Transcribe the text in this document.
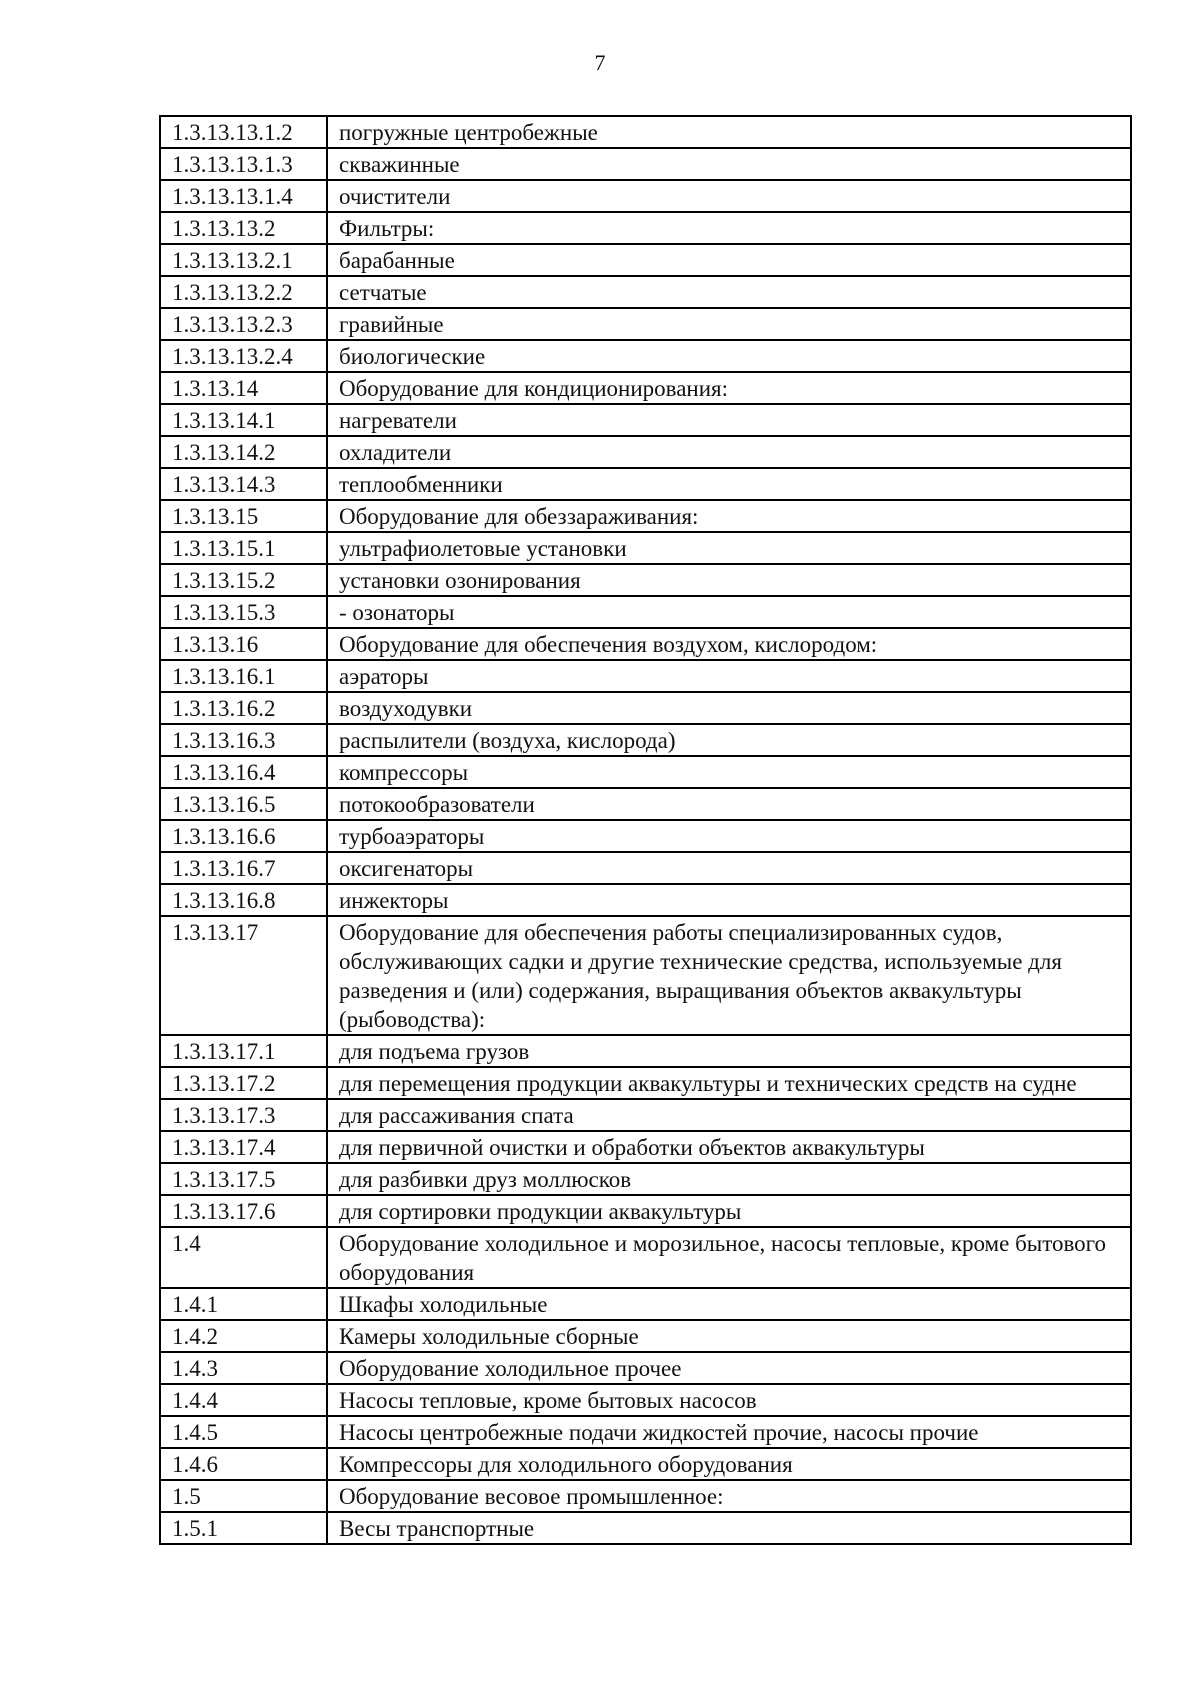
7
1.3.13.13.1.2	погружные центробежные
1.3.13.13.1.3	скважинные
1.3.13.13.1.4	очистители
1.3.13.13.2	Фильтры:
1.3.13.13.2.1	барабанные
1.3.13.13.2.2	сетчатые
1.3.13.13.2.3	гравийные
1.3.13.13.2.4	биологические
1.3.13.14	Оборудование для кондиционирования:
1.3.13.14.1	нагреватели
1.3.13.14.2	охладители
1.3.13.14.3	теплообменники
1.3.13.15	Оборудование для обеззараживания:
1.3.13.15.1	ультрафиолетовые установки
1.3.13.15.2	установки озонирования
1.3.13.15.3	- озонаторы
1.3.13.16	Оборудование для обеспечения воздухом, кислородом:
1.3.13.16.1	аэраторы
1.3.13.16.2	воздуходувки
1.3.13.16.3	распылители (воздуха, кислорода)
1.3.13.16.4	компрессоры
1.3.13.16.5	потокообразователи
1.3.13.16.6	турбоаэраторы
1.3.13.16.7	оксигенаторы
1.3.13.16.8	инжекторы
1.3.13.17	Оборудование для обеспечения работы специализированных судов, обслуживающих садки и другие технические средства, используемые для разведения и (или) содержания, выращивания объектов аквакультуры (рыбоводства):
1.3.13.17.1	для подъема грузов
1.3.13.17.2	для перемещения продукции аквакультуры и технических средств на судне
1.3.13.17.3	для рассаживания спата
1.3.13.17.4	для первичной очистки и обработки объектов аквакультуры
1.3.13.17.5	для разбивки друз моллюсков
1.3.13.17.6	для сортировки продукции аквакультуры
1.4	Оборудование холодильное и морозильное, насосы тепловые, кроме бытового оборудования
1.4.1	Шкафы холодильные
1.4.2	Камеры холодильные сборные
1.4.3	Оборудование холодильное прочее
1.4.4	Насосы тепловые, кроме бытовых насосов
1.4.5	Насосы центробежные подачи жидкостей прочие, насосы прочие
1.4.6	Компрессоры для холодильного оборудования
1.5	Оборудование весовое промышленное:
1.5.1	Весы транспортные
